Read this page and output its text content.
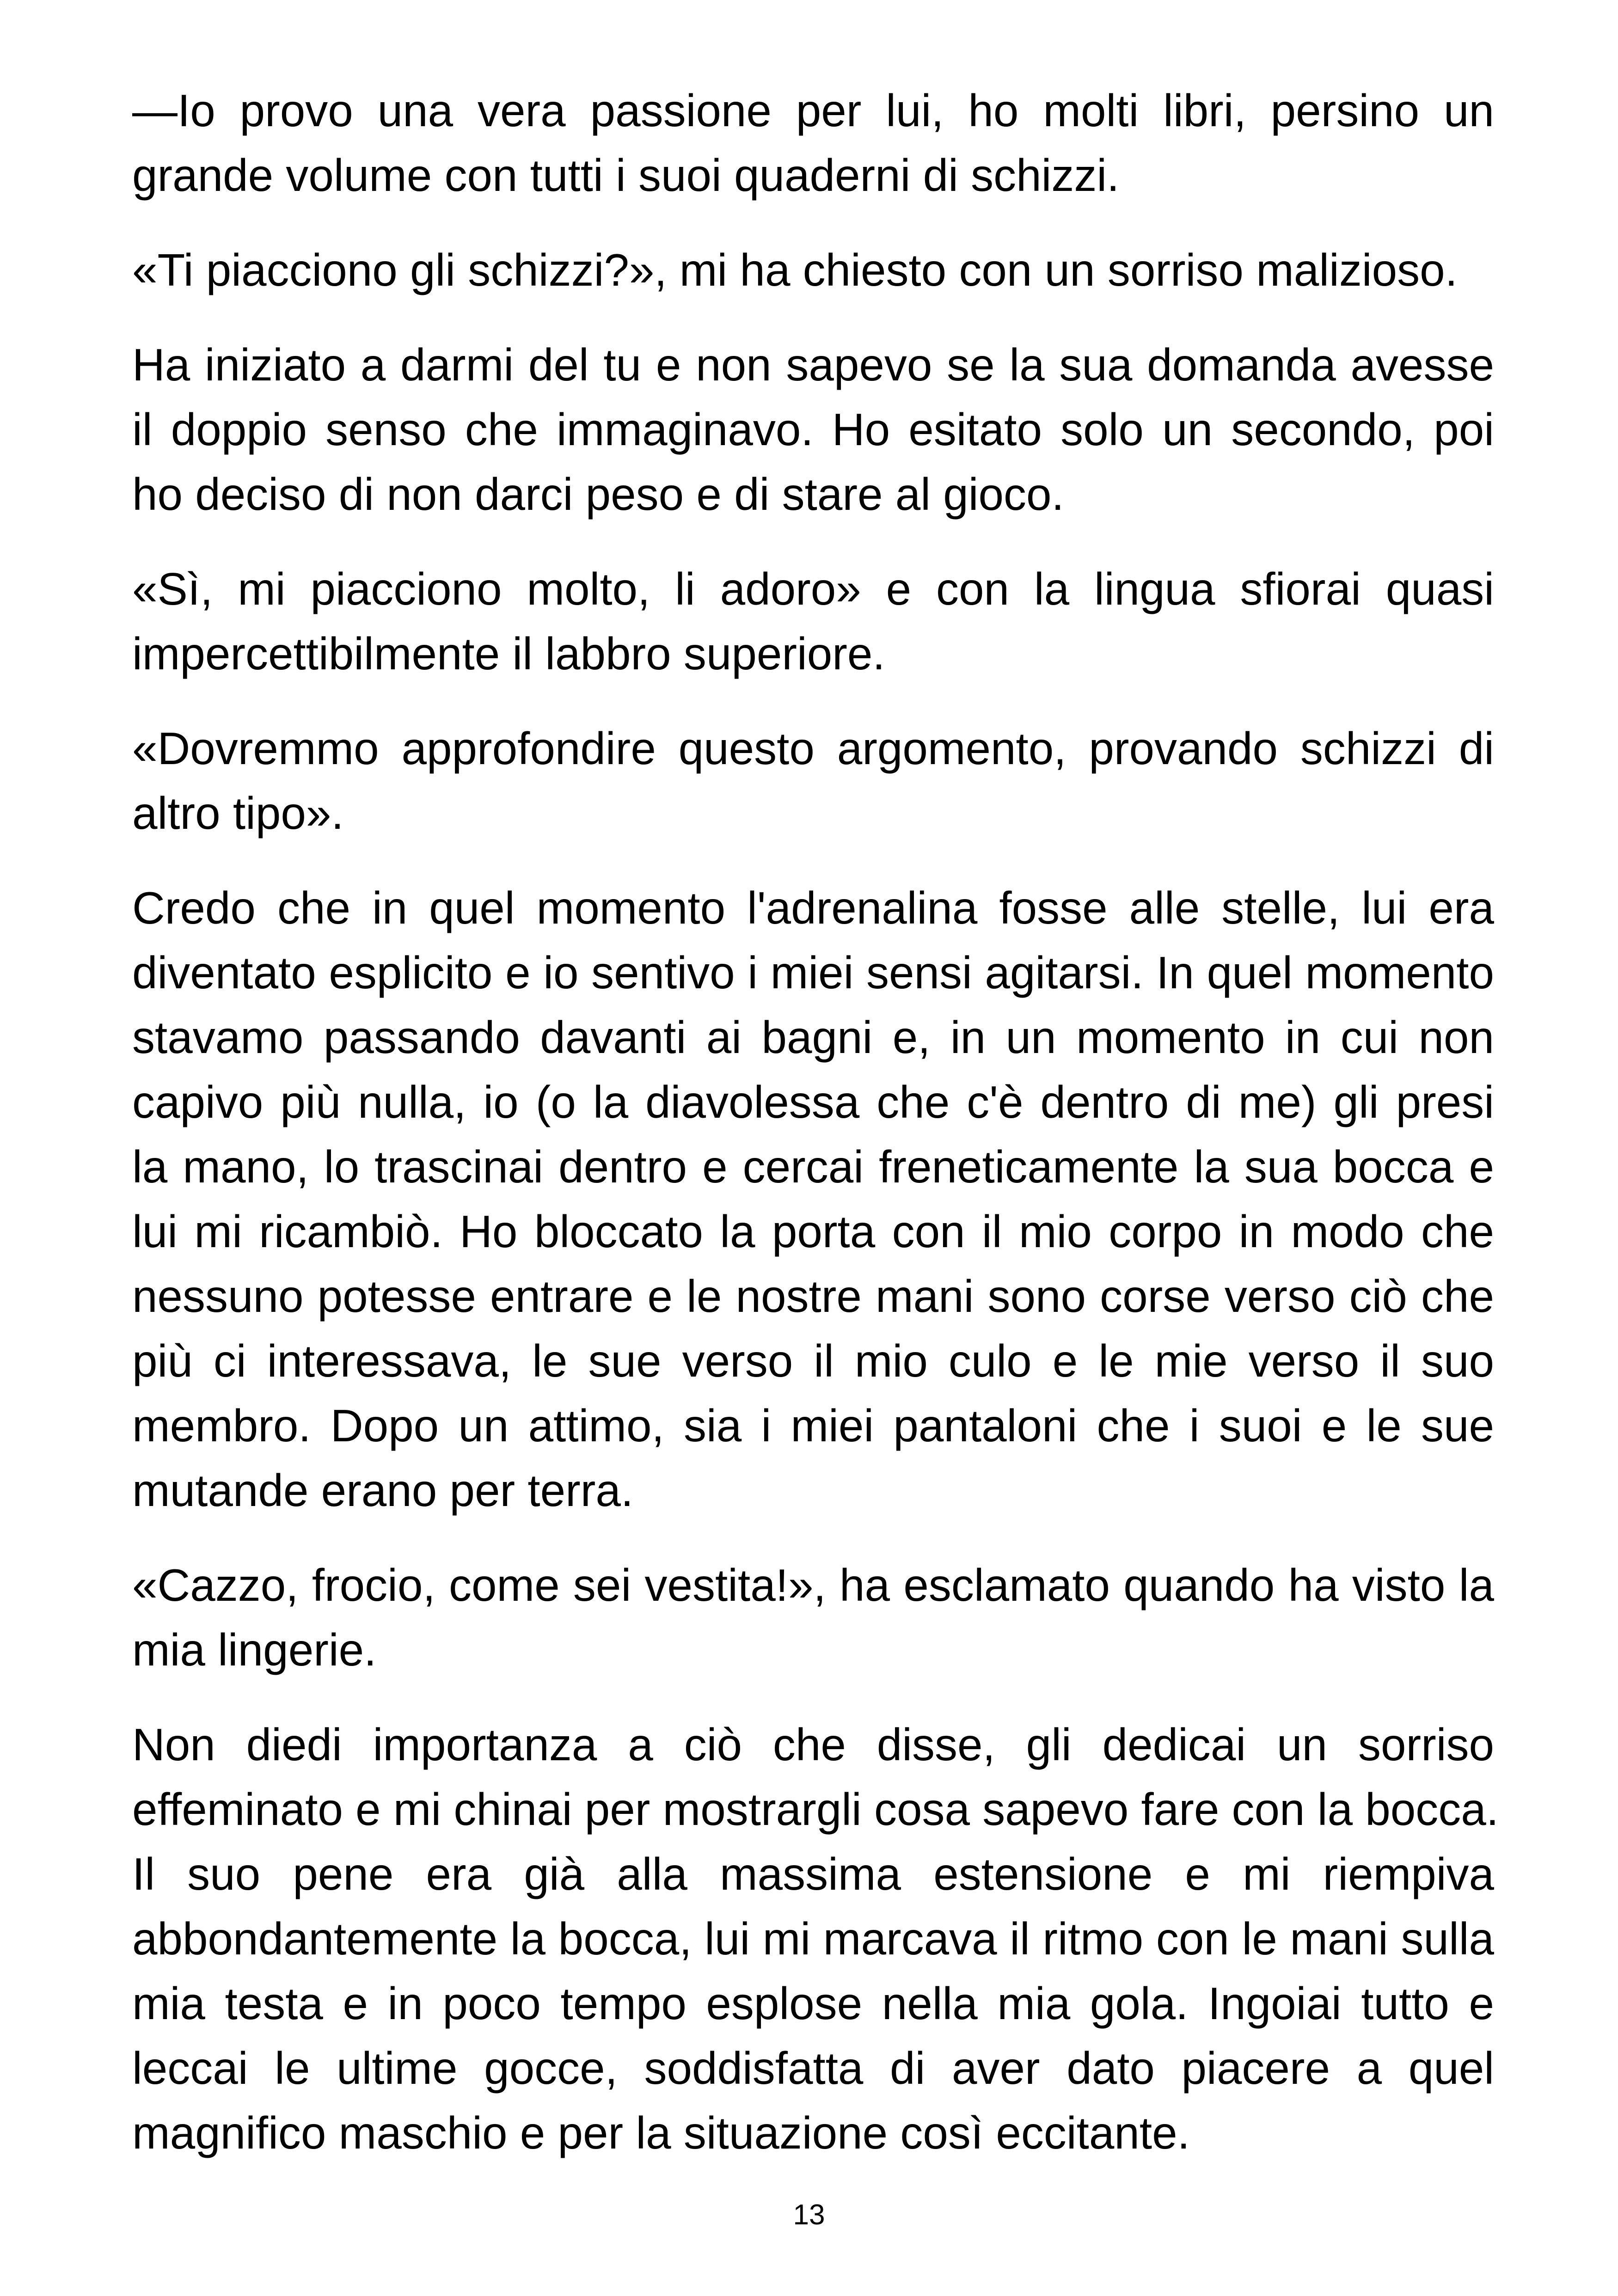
—Io provo una vera passione per lui, ho molti libri, persino un
grande volume con tutti i suoi quaderni di schizzi.
«Ti piacciono gli schizzi?», mi ha chiesto con un sorriso malizioso.
Ha iniziato a darmi del tu e non sapevo se la sua domanda avesse
il doppio senso che immaginavo. Ho esitato solo un secondo, poi
ho deciso di non darci peso e di stare al gioco.
«Sì, mi piacciono molto, li adoro» e con la lingua sfiorai quasi
impercettibilmente il labbro superiore.
«Dovremmo approfondire questo argomento, provando schizzi di
altro tipo».
Credo che in quel momento l'adrenalina fosse alle stelle, lui era
diventato esplicito e io sentivo i miei sensi agitarsi. In quel momento
stavamo passando davanti ai bagni e, in un momento in cui non
capivo più nulla, io (o la diavolessa che c'è dentro di me) gli presi
la mano, lo trascinai dentro e cercai freneticamente la sua bocca e
lui mi ricambiò. Ho bloccato la porta con il mio corpo in modo che
nessuno potesse entrare e le nostre mani sono corse verso ciò che
più ci interessava, le sue verso il mio culo e le mie verso il suo
membro. Dopo un attimo, sia i miei pantaloni che i suoi e le sue
mutande erano per terra.
«Cazzo, frocio, come sei vestita!», ha esclamato quando ha visto la
mia lingerie.
Non diedi importanza a ciò che disse, gli dedicai un sorriso
effeminato e mi chinai per mostrargli cosa sapevo fare con la bocca.
Il suo pene era già alla massima estensione e mi riempiva
abbondantemente la bocca, lui mi marcava il ritmo con le mani sulla
mia testa e in poco tempo esplose nella mia gola. Ingoiai tutto e
leccai le ultime gocce, soddisfatta di aver dato piacere a quel
magnifico maschio e per la situazione così eccitante.
13
